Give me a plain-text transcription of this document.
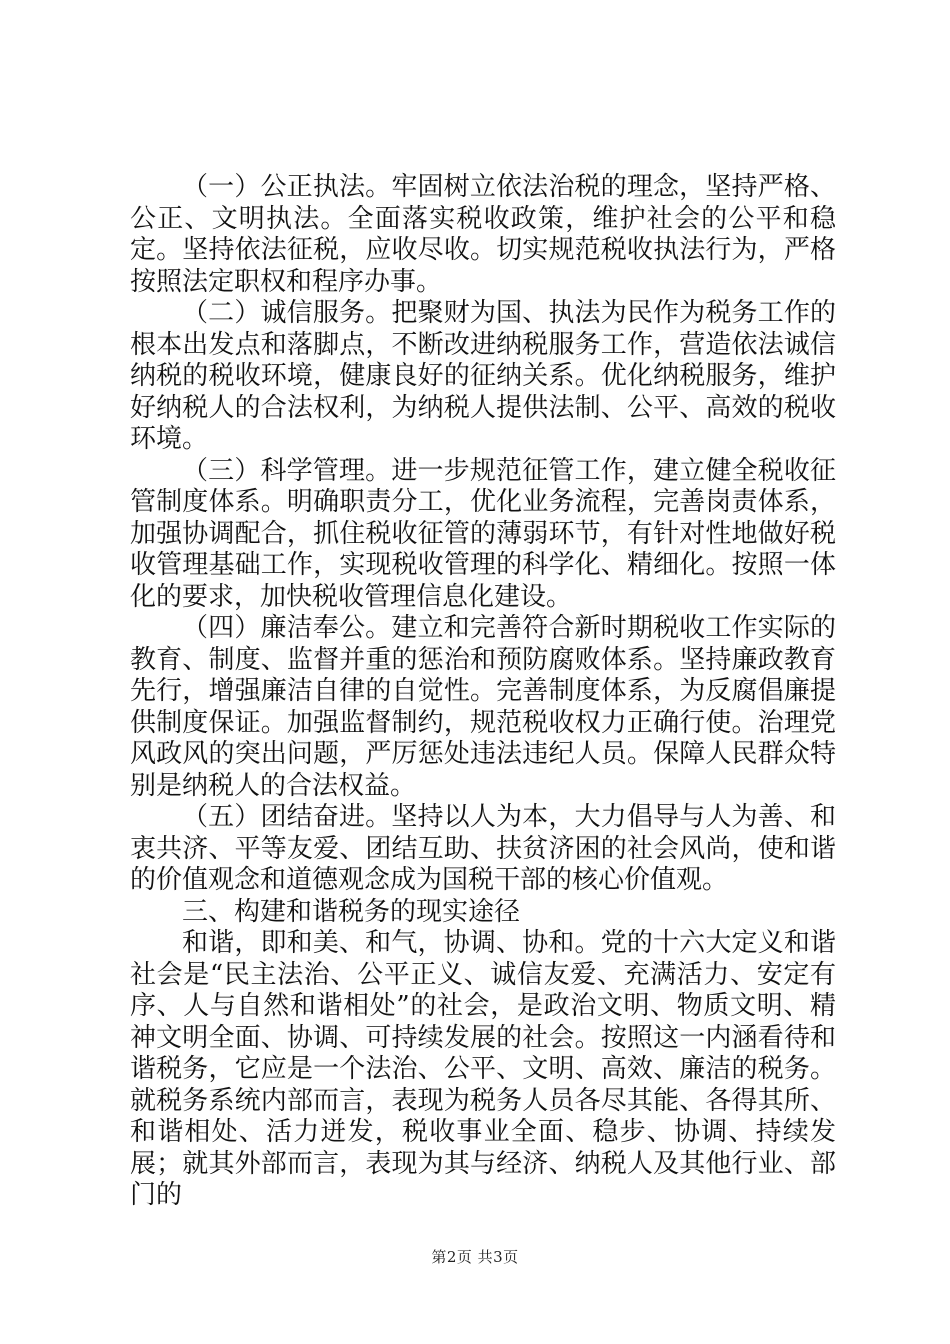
（一）公正执法。牢固树立依法治税的理念，坚持严格、公正、文明执法。全面落实税收政策，维护社会的公平和稳定。坚持依法征税，应收尽收。切实规范税收执法行为，严格按照法定职权和程序办事。

（二）诚信服务。把聚财为国、执法为民作为税务工作的根本出发点和落脚点，不断改进纳税服务工作，营造依法诚信纳税的税收环境，健康良好的征纳关系。优化纳税服务，维护好纳税人的合法权利，为纳税人提供法制、公平、高效的税收环境。

（三）科学管理。进一步规范征管工作，建立健全税收征管制度体系。明确职责分工，优化业务流程，完善岗责体系，加强协调配合，抓住税收征管的薄弱环节，有针对性地做好税收管理基础工作，实现税收管理的科学化、精细化。按照一体化的要求，加快税收管理信息化建设。

（四）廉洁奉公。建立和完善符合新时期税收工作实际的教育、制度、监督并重的惩治和预防腐败体系。坚持廉政教育先行，增强廉洁自律的自觉性。完善制度体系，为反腐倡廉提供制度保证。加强监督制约，规范税收权力正确行使。治理党风政风的突出问题，严厉惩处违法违纪人员。保障人民群众特别是纳税人的合法权益。

（五）团结奋进。坚持以人为本，大力倡导与人为善、和衷共济、平等友爱、团结互助、扶贫济困的社会风尚，使和谐的价值观念和道德观念成为国税干部的核心价值观。

三、构建和谐税务的现实途径

和谐，即和美、和气，协调、协和。党的十六大定义和谐社会是“民主法治、公平正义、诚信友爱、充满活力、安定有序、人与自然和谐相处”的社会，是政治文明、物质文明、精神文明全面、协调、可持续发展的社会。按照这一内涵看待和谐税务，它应是一个法治、公平、文明、高效、廉洁的税务。就税务系统内部而言，表现为税务人员各尽其能、各得其所、和谐相处、活力迸发，税收事业全面、稳步、协调、持续发展；就其外部而言，表现为其与经济、纳税人及其他行业、部门的

第2页 共3页
